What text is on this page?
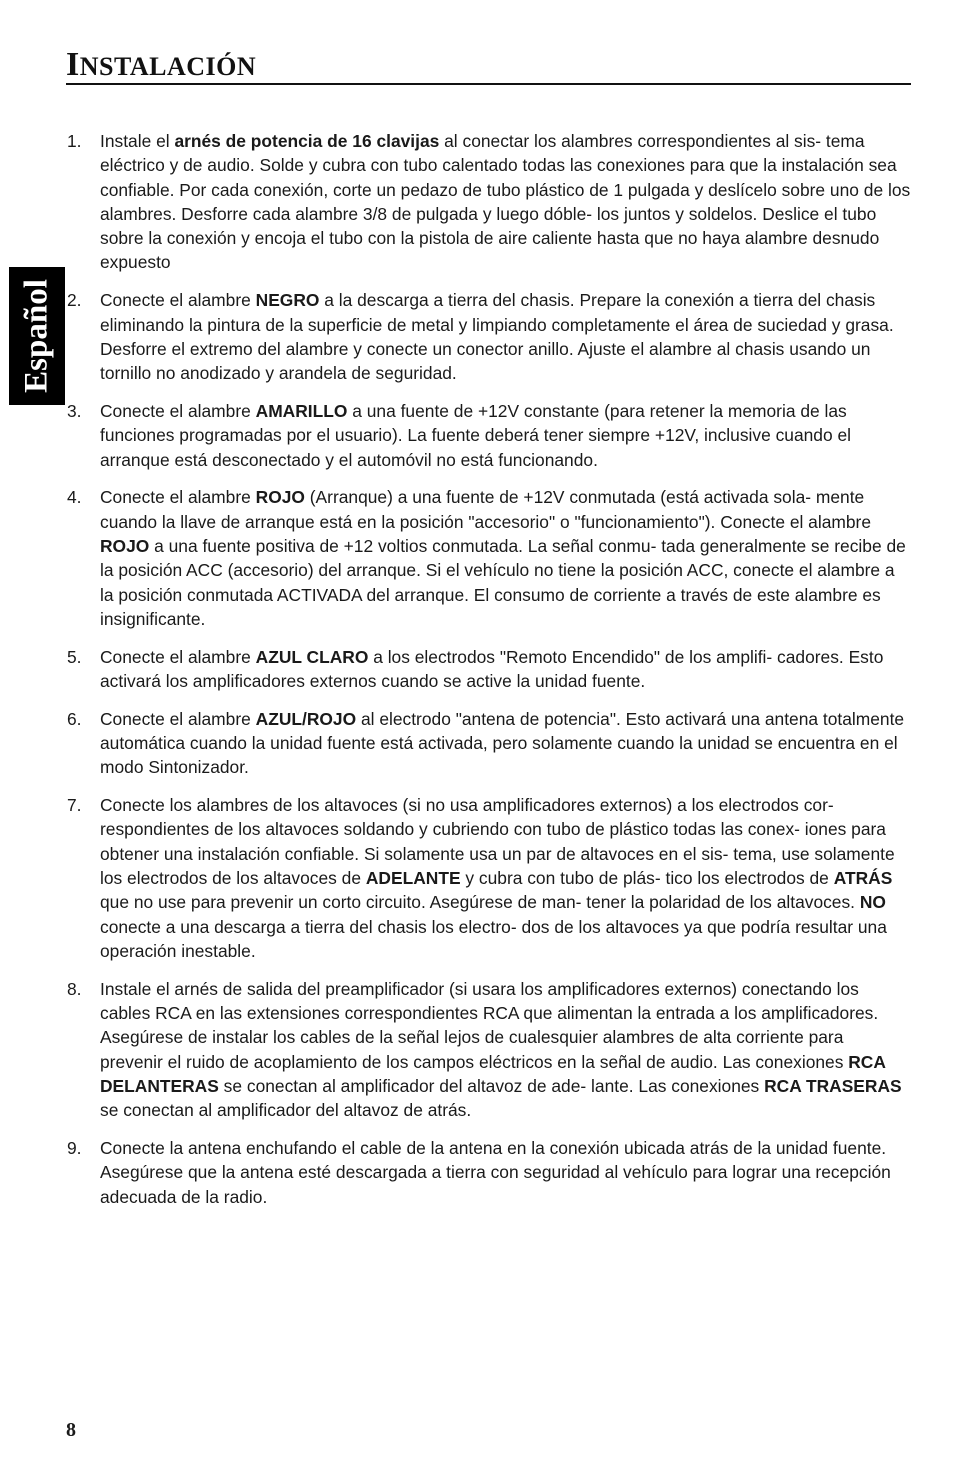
INSTALACIÓN
Español
1. Instale el arnés de potencia de 16 clavijas al conectar los alambres correspondientes al sis- tema eléctrico y de audio. Solde y cubra con tubo calentado todas las conexiones para que la instalación sea confiable. Por cada conexión, corte un pedazo de tubo plástico de 1 pulgada y deslícelo sobre uno de los alambres. Desforre cada alambre 3/8 de pulgada y luego dóble- los juntos y soldelos. Deslice el tubo sobre la conexión y encoja el tubo con la pistola de aire caliente hasta que no haya alambre desnudo expuesto
2. Conecte el alambre NEGRO a la descarga a tierra del chasis. Prepare la conexión a tierra del chasis eliminando la pintura de la superficie de metal y limpiando completamente el área de suciedad y grasa. Desforre el extremo del alambre y conecte un conector anillo. Ajuste el alambre al chasis usando un tornillo no anodizado y arandela de seguridad.
3. Conecte el alambre AMARILLO a una fuente de +12V constante (para retener la memoria de las funciones programadas por el usuario). La fuente deberá tener siempre +12V, inclusive cuando el arranque está desconectado y el automóvil no está funcionando.
4. Conecte el alambre ROJO (Arranque) a una fuente de +12V conmutada (está activada sola- mente cuando la llave de arranque está en la posición "accesorio" o "funcionamiento"). Conecte el alambre ROJO a una fuente positiva de +12 voltios conmutada. La señal conmu- tada generalmente se recibe de la posición ACC (accesorio) del arranque. Si el vehículo no tiene la posición ACC, conecte el alambre a la posición conmutada ACTIVADA del arranque. El consumo de corriente a través de este alambre es insignificante.
5. Conecte el alambre AZUL CLARO a los electrodos "Remoto Encendido" de los amplifi- cadores. Esto activará los amplificadores externos cuando se active la unidad fuente.
6. Conecte el alambre AZUL/ROJO al electrodo "antena de potencia". Esto activará una antena totalmente automática cuando la unidad fuente está activada, pero solamente cuando la unidad se encuentra en el modo Sintonizador.
7. Conecte los alambres de los altavoces (si no usa amplificadores externos) a los electrodos cor- respondientes de los altavoces soldando y cubriendo con tubo de plástico todas las conex- iones para obtener una instalación confiable. Si solamente usa un par de altavoces en el sis- tema, use solamente los electrodos de los altavoces de ADELANTE y cubra con tubo de plás- tico los electrodos de ATRÁS que no use para prevenir un corto circuito. Asegúrese de man- tener la polaridad de los altavoces. NO conecte a una descarga a tierra del chasis los electro- dos de los altavoces ya que podría resultar una operación inestable.
8. Instale el arnés de salida del preamplificador (si usara los amplificadores externos) conectando los cables RCA en las extensiones correspondientes RCA que alimentan la entrada a los amplificadores. Asegúrese de instalar los cables de la señal lejos de cualesquier alambres de alta corriente para prevenir el ruido de acoplamiento de los campos eléctricos en la señal de audio. Las conexiones RCA DELANTERAS se conectan al amplificador del altavoz de ade- lante. Las conexiones RCA TRASERAS se conectan al amplificador del altavoz de atrás.
9. Conecte la antena enchufando el cable de la antena en la conexión ubicada atrás de la unidad fuente. Asegúrese que la antena esté descargada a tierra con seguridad al vehículo para lograr una recepción adecuada de la radio.
8
